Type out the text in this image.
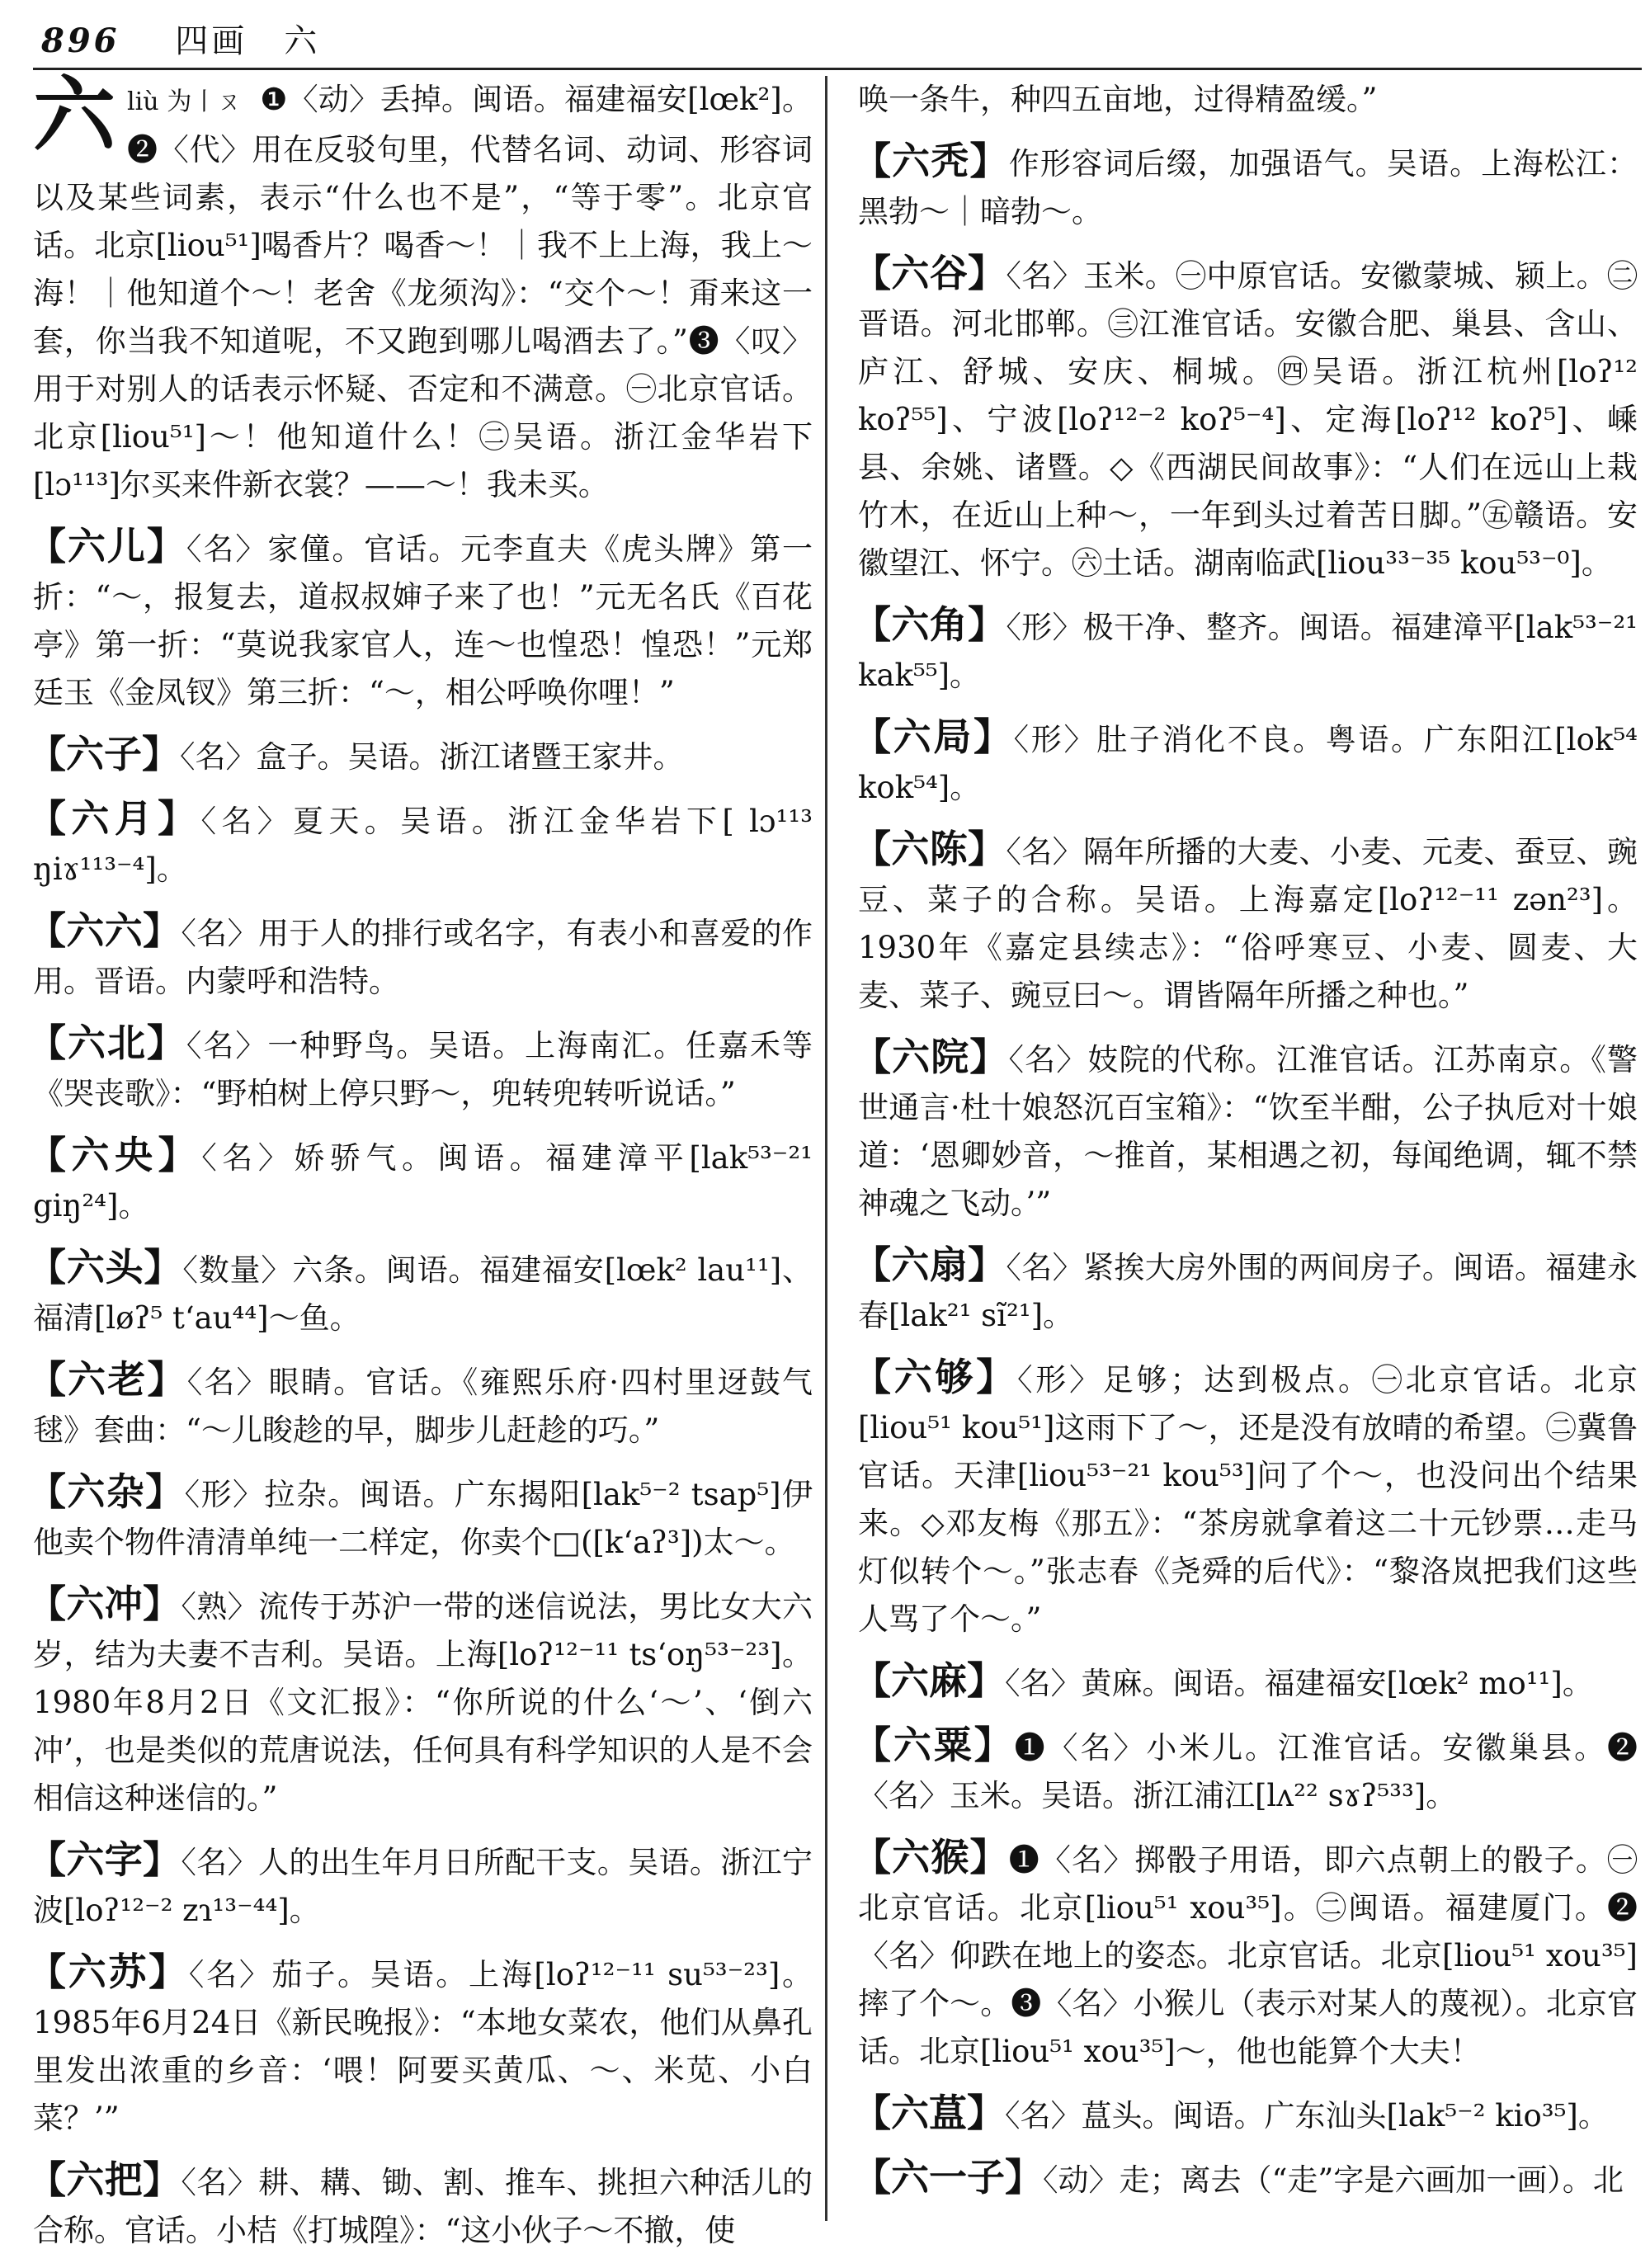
896 四画　六
六 liù 为丨ㄡ ❶〈动〉丢掉。闽语。福建福安[lœk²]。❷〈代〉用在反驳句里，代替名词、动词、形容词以及某些词素，表示“什么也不是”，“等于零”。北京官话。北京[liou⁵¹]喝香片？喝香～！｜我不上上海，我上～海！｜他知道个～！老舍《龙须沟》：“交个～！甭来这一套，你当我不知道呢，不又跑到哪儿喝酒去了。”❸〈叹〉用于对别人的话表示怀疑、否定和不满意。㊀北京官话。北京[liou⁵¹]～！他知道什么！㊁吴语。浙江金华岩下[lɔ¹¹³]尔买来件新衣裳？——～！我未买。
【六儿】〈名〉家僮。官话。元李直夫《虎头牌》第一折：“～，报复去，道叔叔婶子来了也！”元无名氏《百花亭》第一折：“莫说我家官人，连～也惶恐！惶恐！”元郑廷玉《金凤钗》第三折：“～，相公呼唤你哩！”
【六子】〈名〉盒子。吴语。浙江诸暨王家井。
【六月】〈名〉夏天。吴语。浙江金华岩下[ lɔ¹¹³ ŋiɤ¹¹³⁻⁴]。
【六六】〈名〉用于人的排行或名字，有表小和喜爱的作用。晋语。内蒙呼和浩特。
【六北】〈名〉一种野鸟。吴语。上海南汇。任嘉禾等《哭丧歌》：“野柏树上停只野～，兜转兜转听说话。”
【六央】〈名〉娇骄气。闽语。福建漳平[lak⁵³⁻²¹ giŋ²⁴]。
【六头】〈数量〉六条。闽语。福建福安[lœk² lau¹¹]、福清[løʔ⁵ t‘au⁴⁴]～鱼。
【六老】〈名〉眼睛。官话。《雍熙乐府·四村里迓鼓气毬》套曲：“～儿睃趁的早，脚步儿赶趁的巧。”
【六杂】〈形〉拉杂。闽语。广东揭阳[lak⁵⁻² tsap⁵]伊他卖个物件清清单纯一二样定，你卖个□([k‘aʔ³])太～。
【六冲】〈熟〉流传于苏沪一带的迷信说法，男比女大六岁，结为夫妻不吉利。吴语。上海[loʔ¹²⁻¹¹ ts‘oŋ⁵³⁻²³]。1980年8月2日《文汇报》：“你所说的什么‘～’、‘倒六冲’，也是类似的荒唐说法，任何具有科学知识的人是不会相信这种迷信的。”
【六字】〈名〉人的出生年月日所配干支。吴语。浙江宁波[loʔ¹²⁻² zɿ¹³⁻⁴⁴]。
【六苏】〈名〉茄子。吴语。上海[loʔ¹²⁻¹¹ su⁵³⁻²³]。1985年6月24日《新民晚报》：“本地女菜农，他们从鼻孔里发出浓重的乡音：‘喂！阿要买黄瓜、～、米苋、小白菜？’”
【六把】〈名〉耕、耩、锄、割、推车、挑担六种活儿的合称。官话。小桔《打城隍》：“这小伙子～不撤，使
唤一条牛，种四五亩地，过得精盈缓。”
【六秃】作形容词后缀，加强语气。吴语。上海松江：黑勃～｜暗勃～。
【六谷】〈名〉玉米。㊀中原官话。安徽蒙城、颍上。㊁晋语。河北邯郸。㊂江淮官话。安徽合肥、巢县、含山、庐江、舒城、安庆、桐城。㊃吴语。浙江杭州[loʔ¹² koʔ⁵⁵]、宁波[loʔ¹²⁻² koʔ⁵⁻⁴]、定海[loʔ¹² koʔ⁵]、嵊县、余姚、诸暨。◇《西湖民间故事》：“人们在远山上栽竹木，在近山上种～，一年到头过着苦日脚。”㊄赣语。安徽望江、怀宁。㊅土话。湖南临武[liou³³⁻³⁵ kou⁵³⁻⁰]。
【六角】〈形〉极干净、整齐。闽语。福建漳平[lak⁵³⁻²¹ kak⁵⁵]。
【六局】〈形〉肚子消化不良。粤语。广东阳江[lok⁵⁴ kok⁵⁴]。
【六陈】〈名〉隔年所播的大麦、小麦、元麦、蚕豆、豌豆、菜子的合称。吴语。上海嘉定[loʔ¹²⁻¹¹ zən²³]。1930年《嘉定县续志》：“俗呼寒豆、小麦、圆麦、大麦、菜子、豌豆曰～。谓皆隔年所播之种也。”
【六院】〈名〉妓院的代称。江淮官话。江苏南京。《警世通言·杜十娘怒沉百宝箱》：“饮至半酣，公子执卮对十娘道：‘恩卿妙音，～推首，某相遇之初，每闻绝调，辄不禁神魂之飞动。’”
【六扇】〈名〉紧挨大房外围的两间房子。闽语。福建永春[lak²¹ sĩ²¹]。
【六够】〈形〉足够；达到极点。㊀北京官话。北京[liou⁵¹ kou⁵¹]这雨下了～，还是没有放晴的希望。㊁冀鲁官话。天津[liou⁵³⁻²¹ kou⁵³]问了个～，也没问出个结果来。◇邓友梅《那五》：“茶房就拿着这二十元钞票…走马灯似转个～。”张志春《尧舜的后代》：“黎洛岚把我们这些人骂了个～。”
【六麻】〈名〉黄麻。闽语。福建福安[lœk² mo¹¹]。
【六粟】❶〈名〉小米儿。江淮官话。安徽巢县。❷〈名〉玉米。吴语。浙江浦江[lʌ²² sɤʔ⁵³³]。
【六猴】❶〈名〉掷骰子用语，即六点朝上的骰子。㊀北京官话。北京[liou⁵¹ xou³⁵]。㊁闽语。福建厦门。❷〈名〉仰跌在地上的姿态。北京官话。北京[liou⁵¹ xou³⁵]摔了个～。❸〈名〉小猴儿（表示对某人的蔑视）。北京官话。北京[liou⁵¹ xou³⁵]～，他也能算个大夫！
【六蒀】〈名〉蒀头。闽语。广东汕头[lak⁵⁻² kio³⁵]。
【六一子】〈动〉走；离去（“走”字是六画加一画）。北
